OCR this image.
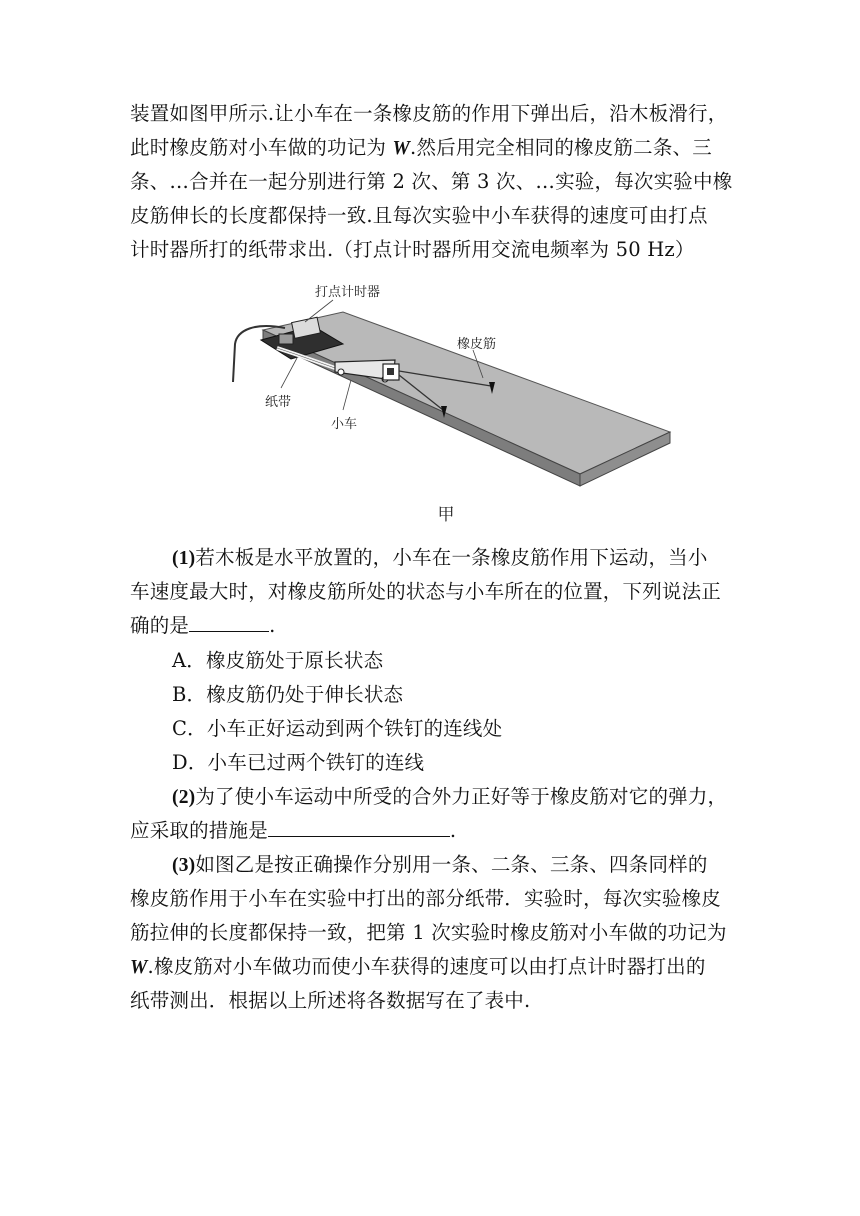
装置如图甲所示.让小车在一条橡皮筋的作用下弹出后，沿木板滑行，
此时橡皮筋对小车做的功记为 W.然后用完全相同的橡皮筋二条、三
条、…合并在一起分别进行第 2 次、第 3 次、…实验，每次实验中橡
皮筋伸长的长度都保持一致.且每次实验中小车获得的速度可由打点
计时器所打的纸带求出.（打点计时器所用交流电频率为 50 Hz）
打点计时器
橡皮筋
纸带
小车
甲
(1)若木板是水平放置的，小车在一条橡皮筋作用下运动，当小
车速度最大时，对橡皮筋所处的状态与小车所在的位置，下列说法正
确的是	.
A．橡皮筋处于原长状态
B．橡皮筋仍处于伸长状态
C．小车正好运动到两个铁钉的连线处
D．小车已过两个铁钉的连线
(2)为了使小车运动中所受的合外力正好等于橡皮筋对它的弹力，
应采取的措施是	.
(3)如图乙是按正确操作分别用一条、二条、三条、四条同样的
橡皮筋作用于小车在实验中打出的部分纸带．实验时，每次实验橡皮
筋拉伸的长度都保持一致，把第 1 次实验时橡皮筋对小车做的功记为
W.橡皮筋对小车做功而使小车获得的速度可以由打点计时器打出的
纸带测出．根据以上所述将各数据写在了表中.
